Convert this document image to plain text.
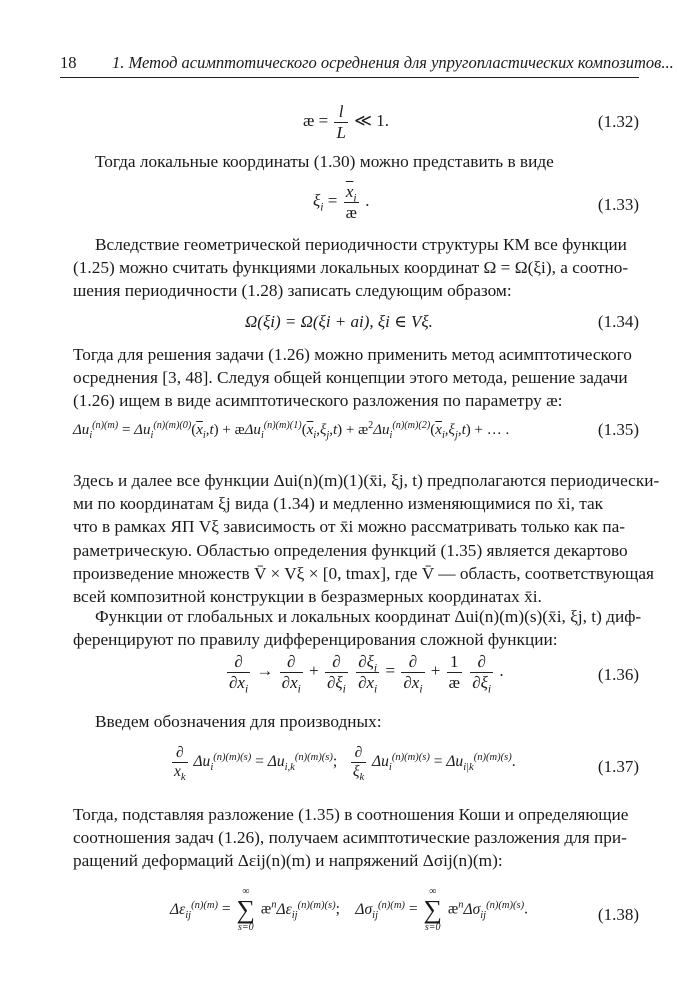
18 1. Метод асимптотического осреднения для упругопластических композитов...
æ = $\frac{l}{L}$ ≪ 1.	(1.32)
Тогда локальные координаты (1.30) можно представить в виде
$\xi_i = \frac{\overline{x}_i}{æ}$ .	(1.33)
Вследствие геометрической периодичности структуры КМ все функции
(1.25) можно считать функциями локальных координат Ω = Ω(ξi), а соотно-
шения периодичности (1.28) записать следующим образом:
Ω(ξi) = Ω(ξi + ai), ξi ∈ Vξ.	(1.34)
Тогда для решения задачи (1.26) можно применить метод асимптотического
осреднения [3, 48]. Следуя общей концепции этого метода, решение задачи
(1.26) ищем в виде асимптотического разложения по параметру æ:
$\Delta u_i^{(n)(m)} = \Delta u_i^{(n)(m)(0)}(\overline{x}_i,t)$ + $æ\Delta u_i^{(n)(m)(1)}(\overline{x}_i,\xi_j,t)$ + $æ^2\Delta u_i^{(n)(m)(2)}(\overline{x}_i,\xi_j,t)$ + … .	(1.35)
Здесь и далее все функции Δui(n)(m)(1)(x̄i, ξj, t) предполагаются периодически-
ми по координатам ξj вида (1.34) и медленно изменяющимися по x̄i, так
что в рамках ЯП Vξ зависимость от x̄i можно рассматривать только как па-
раметрическую. Областью определения функций (1.35) является декартово
произведение множеств V̄ × Vξ × [0, tmax], где V̄ — область, соответствующая
всей композитной конструкции в безразмерных координатах x̄i.
Функции от глобальных и локальных координат Δui(n)(m)(s)(x̄i, ξj, t) диф-
ференцируют по правилу дифференцирования сложной функции:
$\frac{\partial}{\partial\overline{x}_i} \to \frac{\partial}{\partial\overline{x}_i} + \frac{\partial}{\partial\xi_i}$
$\frac{\partial\xi_i}{\partial\overline{x}_i} = \frac{\partial}{\partial\overline{x}_i} + \frac{1}{æ}$
$\frac{\partial}{\partial\xi_i}$ .	(1.36)
Введем обозначения для производных:
$\frac{\partial}{\overline{x}_k} \Delta u_i^{(n)(m)(s)} = \Delta u_{i,k}^{(n)(m)(s)}$; $\frac{\partial}{\xi_k} \Delta u_i^{(n)(m)(s)} = \Delta u_{i|k}^{(n)(m)(s)}$.	(1.37)
Тогда, подставляя разложение (1.35) в соотношения Коши и определяющие
соотношения задач (1.26), получаем асимптотические разложения для при-
ращений деформаций Δεij(n)(m) и напряжений Δσij(n)(m):
$\Delta\varepsilon_{ij}^{(n)(m)}$ =
∞
∑
s=0
$æ^n\Delta\varepsilon_{ij}^{(n)(m)(s)}$;    $\Delta\sigma_{ij}^{(n)(m)}$ =
∞
∑
s=0
$æ^n\Delta\sigma_{ij}^{(n)(m)(s)}$.	(1.38)
